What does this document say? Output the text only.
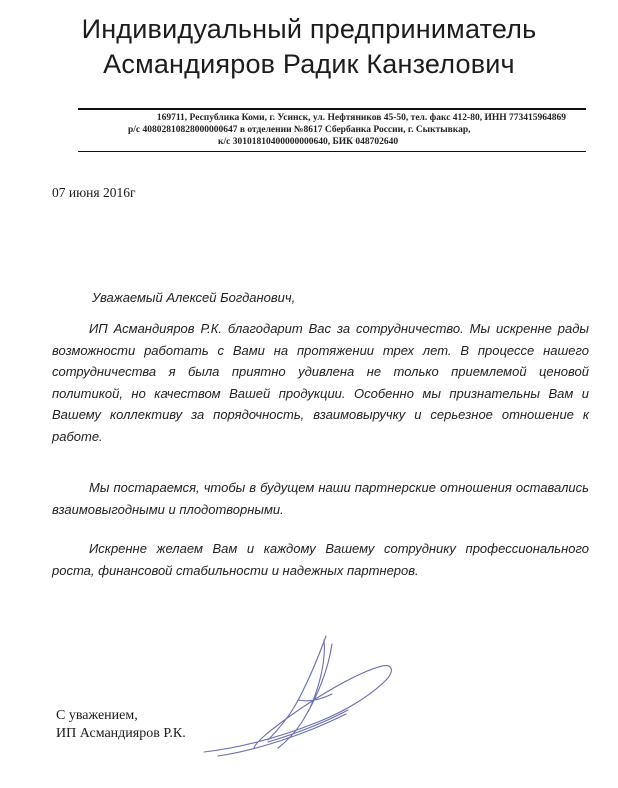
Индивидуальный предприниматель
Асмандияров Радик Канзелович
169711, Республика Коми, г. Усинск, ул. Нефтяников 45-50, тел. факс 412-80, ИНН 773415964869
р/с 40802810828000000647 в отделении №8617 Сбербанка России, г. Сыктывкар,
к/с 30101810400000000640, БИК 048702640
07 июня 2016г
Уважаемый Алексей Богданович,
ИП Асмандияров Р.К. благодарит Вас за сотрудничество. Мы искренне рады возможности работать с Вами на протяжении трех лет. В процессе нашего сотрудничества я была приятно удивлена не только приемлемой ценовой политикой, но качеством Вашей продукции. Особенно мы признательны Вам и Вашему коллективу за порядочность, взаимовыручку и серьезное отношение к работе.
Мы постараемся, чтобы в будущем наши партнерские отношения оставались взаимовыгодными и плодотворными.
Искренне желаем Вам и каждому Вашему сотруднику профессионального роста, финансовой стабильности и надежных партнеров.
С уважением,
ИП Асмандияров Р.К.
